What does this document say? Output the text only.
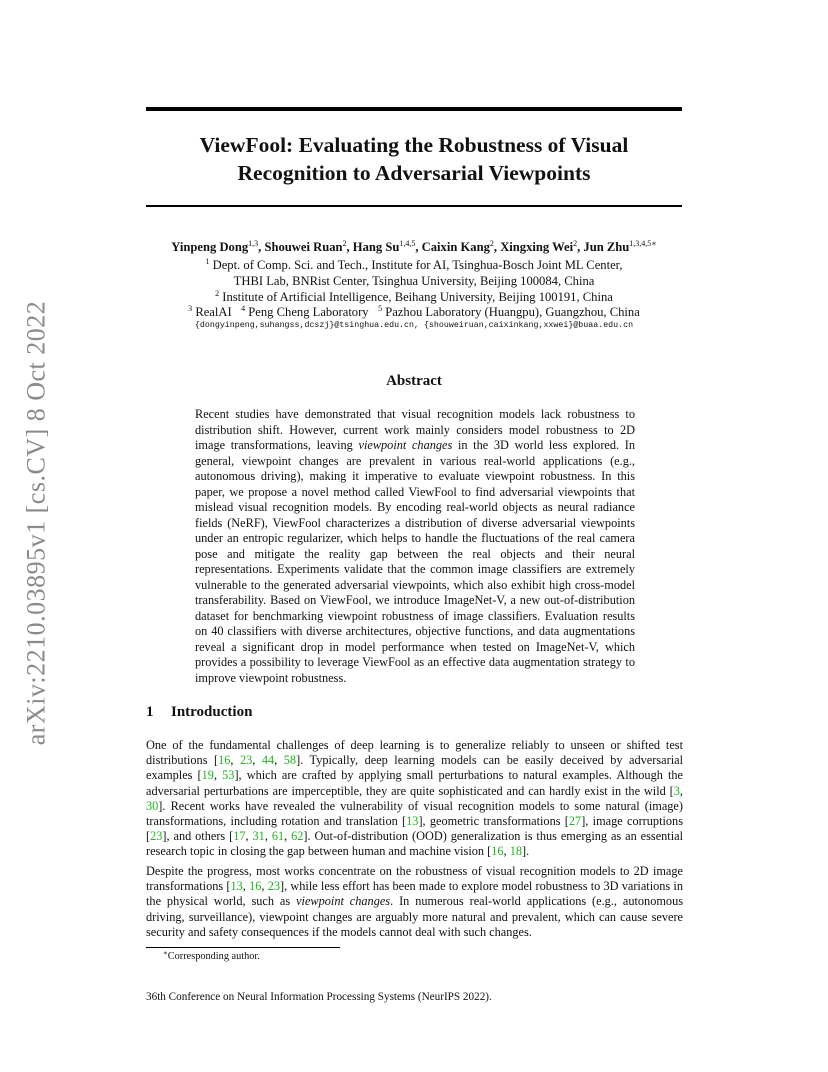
arXiv:2210.03895v1 [cs.CV] 8 Oct 2022
ViewFool: Evaluating the Robustness of Visual
Recognition to Adversarial Viewpoints
Yinpeng Dong$^{1,3}$, Shouwei Ruan$^2$, Hang Su$^{1,4,5}$, Caixin Kang$^2$, Xingxing Wei$^2$, Jun Zhu$^{1,3,4,5∗}$
$^1$ Dept. of Comp. Sci. and Tech., Institute for AI, Tsinghua-Bosch Joint ML Center,
THBI Lab, BNRist Center, Tsinghua University, Beijing 100084, China
$^2$ Institute of Artificial Intelligence, Beihang University, Beijing 100191, China
$^3$ RealAI $^4$ Peng Cheng Laboratory $^5$ Pazhou Laboratory (Huangpu), Guangzhou, China
{dongyinpeng,suhangss,dcszj}@tsinghua.edu.cn, {shouweiruan,caixinkang,xxwei}@buaa.edu.cn
Abstract

Recent studies have demonstrated that visual recognition models lack robustness to distribution shift. However, current work mainly considers model robustness to 2D image transformations, leaving viewpoint changes in the 3D world less explored. In general, viewpoint changes are prevalent in various real-world applications (e.g., autonomous driving), making it imperative to evaluate viewpoint robustness. In this paper, we propose a novel method called ViewFool to find adversarial viewpoints that mislead visual recognition models. By encoding real-world objects as neural radiance fields (NeRF), ViewFool characterizes a distribution of diverse adversarial viewpoints under an entropic regularizer, which helps to handle the fluctuations of the real camera pose and mitigate the reality gap between the real objects and their neural representations. Experiments validate that the common image classifiers are extremely vulnerable to the generated adversarial viewpoints, which also exhibit high cross-model transferability. Based on ViewFool, we introduce ImageNet-V, a new out-of-distribution dataset for benchmarking viewpoint robustness of image classifiers. Evaluation results on 40 classifiers with diverse architectures, objective functions, and data augmentations reveal a significant drop in model performance when tested on ImageNet-V, which provides a possibility to leverage ViewFool as an effective data augmentation strategy to improve viewpoint robustness.

1 Introduction

One of the fundamental challenges of deep learning is to generalize reliably to unseen or shifted test distributions [16, 23, 44, 58]. Typically, deep learning models can be easily deceived by adversarial examples [19, 53], which are crafted by applying small perturbations to natural examples. Although the adversarial perturbations are imperceptible, they are quite sophisticated and can hardly exist in the wild [3, 30]. Recent works have revealed the vulnerability of visual recognition models to some natural (image) transformations, including rotation and translation [13], geometric transformations [27], image corruptions [23], and others [17, 31, 61, 62]. Out-of-distribution (OOD) generalization is thus emerging as an essential research topic in closing the gap between human and machine vision [16, 18].

Despite the progress, most works concentrate on the robustness of visual recognition models to 2D image transformations [13, 16, 23], while less effort has been made to explore model robustness to 3D variations in the physical world, such as viewpoint changes. In numerous real-world applications (e.g., autonomous driving, surveillance), viewpoint changes are arguably more natural and prevalent, which can cause severe security and safety consequences if the models cannot deal with such changes.

∗Corresponding author.
36th Conference on Neural Information Processing Systems (NeurIPS 2022).
